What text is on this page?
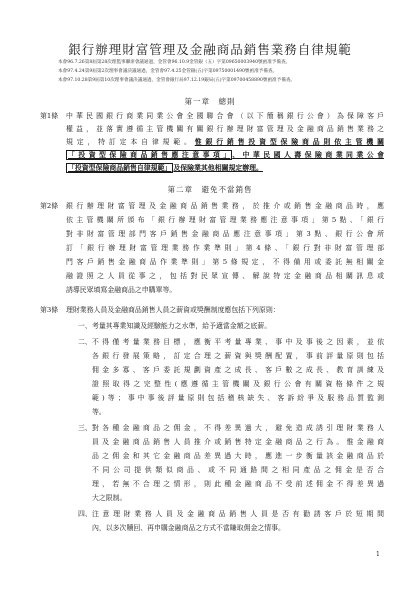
銀行辦理財富管理及金融商品銷售業務自律規範
本會96.7.26第8屆第28次理監事聯席會議通過，金管會96.10.9金管銀（五）字第09650003940號函准予備查。
本會97.4.24第9屆第2次理事會議決議通過，金管會97.4.25金管銀(五)字第09750001490號函准予備查。
本會97.10.28第9屆第10次理事會議決議通過，金管會銀行局97.12.19銀局(五)字第09700458890號函准予備查。
第一章　總則
第1條 中華民國銀行商業同業公會全國聯合會（以下簡稱銀行公會）為保障客戶
權益，並落實遵循主管機關有關銀行辦理財富管理及金融商品銷售業務之
規定，特訂定本自律規範。惟銀行銷售投資型保險商品則依主管機關
「投資型保險商品銷售應注意事項」 、中華民國人壽保險商業同業公會
「投資型保險商品銷售自律規範」 及保險業其他相關規定辦理。
第二章　避免不當銷售
第2條 銀行辦理財富管理及金融商品銷售業務，於推介或銷售金融商品時，應
依主管機關所頒布「銀行辦理財富管理業務應注意事項」第5點、「銀行
對非財富管理部門客戶銷售金融商品應注意事項」第3點、銀行公會所
訂「銀行辦理財富管理業務作業準則」第4條、「銀行對非財富管理部
門客戶銷售金融商品作業準則」第5條規定，不得備用或委託無相關金
融證照之人員從事之，包括對民眾宣傳、解說特定金融商品相關訊息或
誘導民眾填寫金融商品之申購單等。
第3條 理財業務人員及金融商品銷售人員之薪資或獎酬制度應包括下列原則：
一、 考量其專業知識及經驗能力之水準，給予適當金額之底薪。
二、 不得僅考量業務目標，應衡平考量專業、事中及事後之因素，並依
各銀行發展策略，訂定合理之薪資與獎酬配置，事前評量原則包括
佣金多寡、客戶委託規劃資產之成長、客戶數之成長、教育訓練及
證照取得之完整性(應遵循主管機關及銀行公會有關資格條件之規
範)等；事中事後評量原則包括稽核缺失、客訴紛爭及服務品質監測
等。
三、 對各種金融商品之佣金，不得差異過大，避免造成誘引理財業務人
員及金融商品銷售人員推介或銷售特定金融商品之行為。惟金融商
品之佣金和其它金融商品差異過大時，應進一步衡量該金融商品於
不同公司提供類似商品、或不同通路間之相同產品之佣金是否合
理，若無不合理之情形，則此種金融商品不受前述佣金不得差異過
大之限制。
四、 注意理財業務人員及金融商品銷售人員是否有勸誘客戶於短期間
內，以多次贖回、再申購金融商品之方式不當賺取佣金之情事。
1
